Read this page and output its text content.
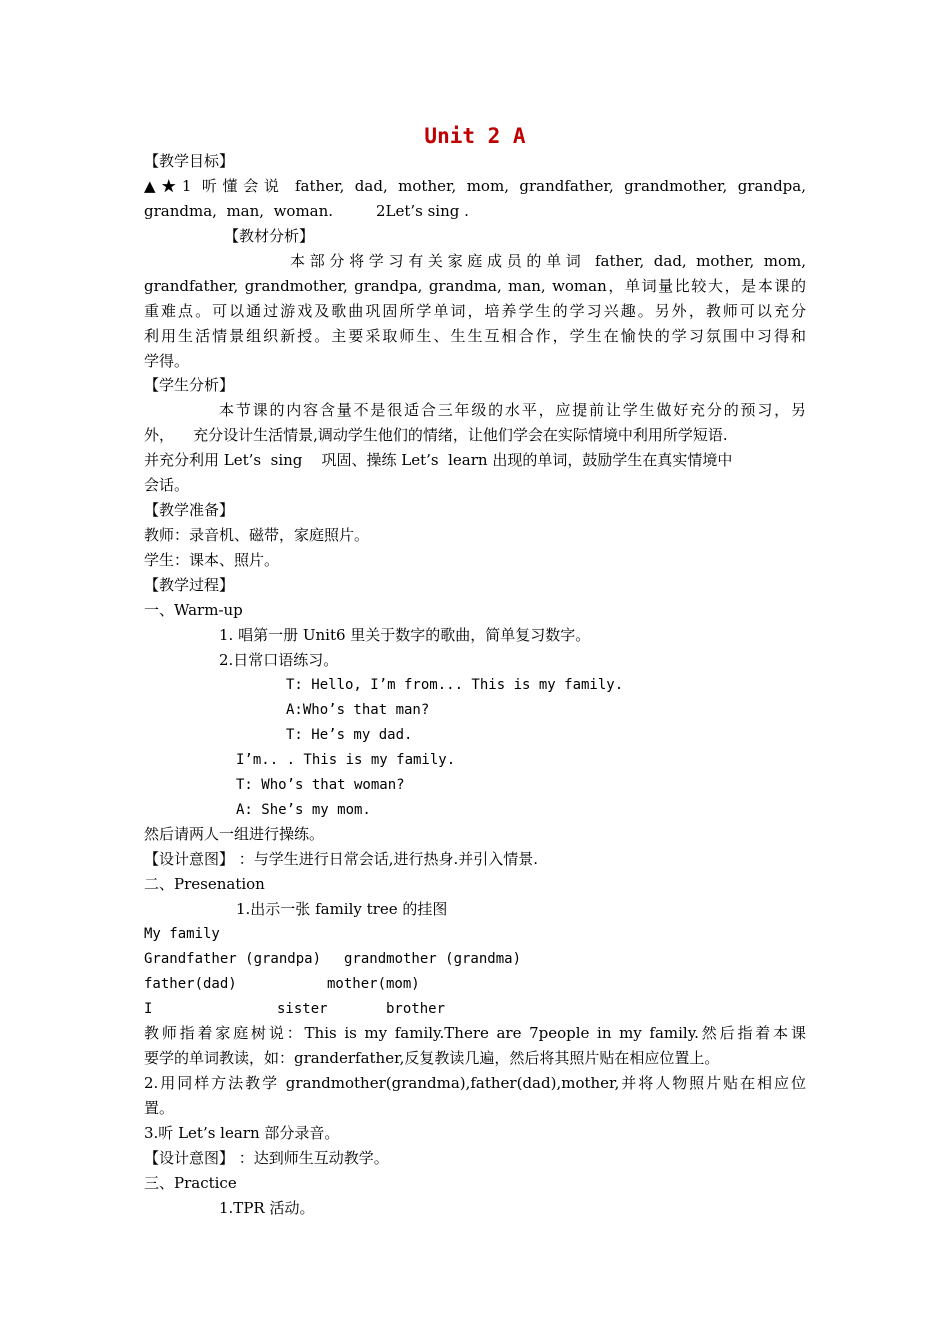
Unit 2 A
【教学目标】
▲★1 听懂会说 father, dad, mother, mom, grandfather, grandmother, grandpa,
grandma,  man,  woman.         2Let’s sing .
【教材分析】
本部分将学习有关家庭成员的单词 father, dad, mother, mom,
grandfather, grandmother, grandpa, grandma, man, woman，单词量比较大，是本课的
重难点。可以通过游戏及歌曲巩固所学单词，培养学生的学习兴趣。另外，教师可以充分
利用生活情景组织新授。主要采取师生、生生互相合作，学生在愉快的学习氛围中习得和
学得。
【学生分析】
本节课的内容含量不是很适合三年级的水平，应提前让学生做好充分的预习，另
外，    充分设计生活情景,调动学生他们的情绪，让他们学会在实际情境中利用所学短语.
并充分利用 Let’s  sing    巩固、操练 Let’s  learn 出现的单词，鼓励学生在真实情境中
会话。
【教学准备】
教师：录音机、磁带，家庭照片。
学生：课本、照片。
【教学过程】
一、Warm-up
1. 唱第一册 Unit6 里关于数字的歌曲，简单复习数字。
2.日常口语练习。
T: Hello, I’m from... This is my family.
A:Who’s that man?
T: He’s my dad.
I’m.. . This is my family.
T: Who’s that woman?
A: She’s my mom.
然后请两人一组进行操练。
【设计意图】 ：与学生进行日常会话,进行热身.并引入情景.
二、Presenation
1.出示一张 family tree 的挂图
My family
Grandfather (grandpa) grandmother (grandma)
father(dad)	mother(mom)
I	sister	brother
教师指着家庭树说：This is my family.There are 7people in my family.然后指着本课
要学的单词教读，如：granderfather,反复教读几遍，然后将其照片贴在相应位置上。
2.用同样方法教学 grandmother(grandma),father(dad),mother,并将人物照片贴在相应位
置。
3.听 Let’s learn 部分录音。
【设计意图】 ：达到师生互动教学。
三、Practice
1.TPR 活动。
